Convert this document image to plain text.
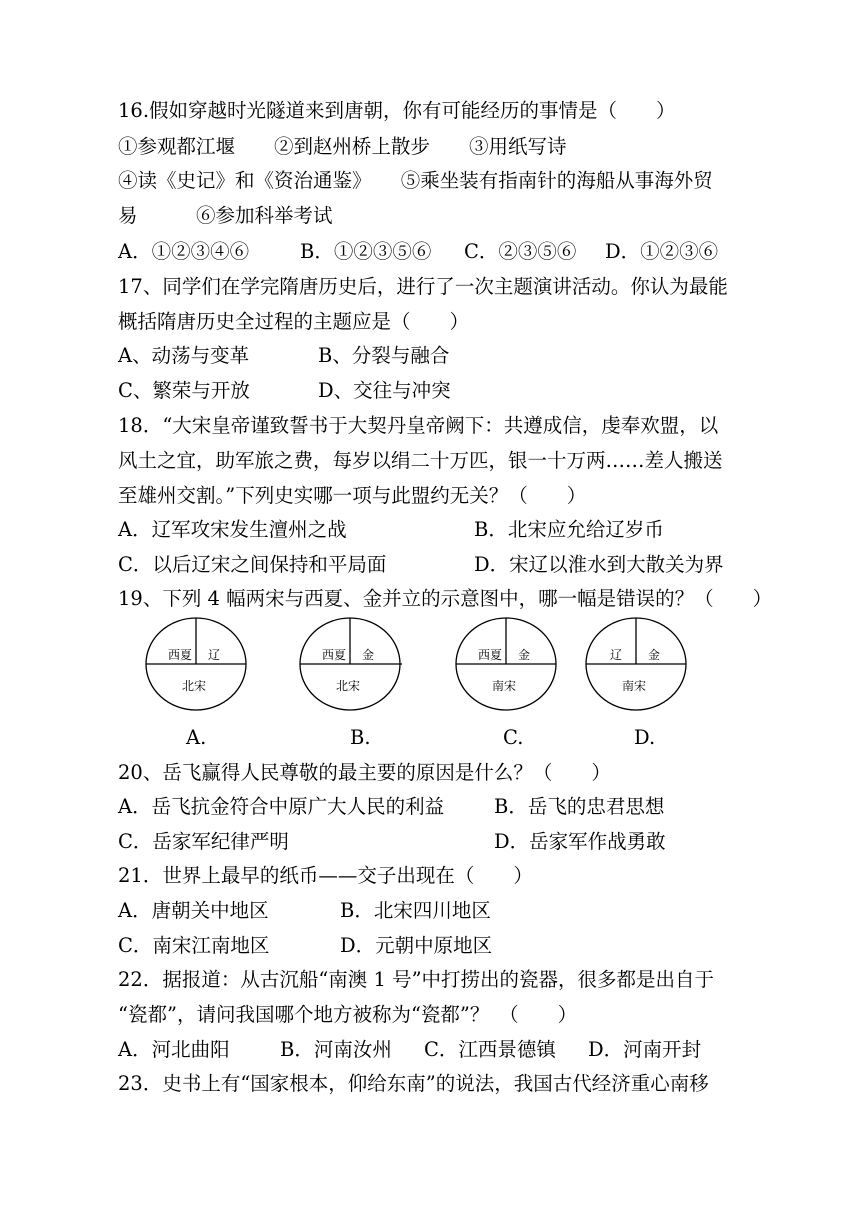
16.假如穿越时光隧道来到唐朝，你有可能经历的事情是（　　）
①参观都江堰　　②到赵州桥上散步　　③用纸写诗
④读《史记》和《资治通鉴》　　⑤乘坐装有指南针的海船从事海外贸
易　　　⑥参加科举考试
A．①②③④⑥	B．①②③⑤⑥ C．②③⑤⑥ D．①②③⑥
17、同学们在学完隋唐历史后，进行了一次主题演讲活动。你认为最能
概括隋唐历史全过程的主题应是（　　）
A、动荡与变革	B、分裂与融合
C、繁荣与开放	D、交往与冲突
18．“大宋皇帝谨致誓书于大契丹皇帝阙下：共遵成信，虔奉欢盟，以
风土之宜，助军旅之费，每岁以绢二十万匹，银一十万两……差人搬送
至雄州交割。”下列史实哪一项与此盟约无关？（　　）
A．辽军攻宋发生澶州之战	B．北宋应允给辽岁币
C．以后辽宋之间保持和平局面	D．宋辽以淮水到大散关为界
19、下列 4 幅两宋与西夏、金并立的示意图中，哪一幅是错误的？（　　）
西夏 辽
北宋
西夏 金
北宋
西夏 金
南宋
辽 金
南宋
A.	B.	C.	D.
20、岳飞赢得人民尊敬的最主要的原因是什么？（　　）
A．岳飞抗金符合中原广大人民的利益	B．岳飞的忠君思想
C．岳家军纪律严明	D．岳家军作战勇敢
21．世界上最早的纸币——交子出现在（　　）
A．唐朝关中地区	B．北宋四川地区
C．南宋江南地区	D．元朝中原地区
22．据报道：从古沉船“南澳 1 号”中打捞出的瓷器，很多都是出自于
“瓷都”，请问我国哪个地方被称为“瓷都”？　（　　）
A．河北曲阳	B．河南汝州 C．江西景德镇 D．河南开封
23．史书上有“国家根本，仰给东南”的说法，我国古代经济重心南移
